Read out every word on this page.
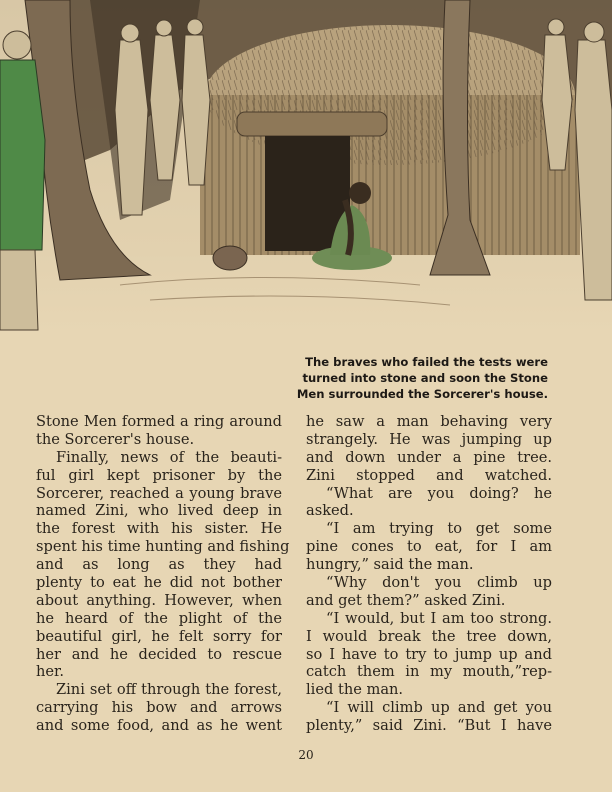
The braves who failed the tests were
turned into stone and soon the Stone
Men surrounded the Sorcerer's house.
Stone Men formed a ring around
the Sorcerer's house.
Finally, news of the beauti-
ful girl kept prisoner by the
Sorcerer, reached a young brave
named Zini, who lived deep in
the forest with his sister. He
spent his time hunting and fishing
and as long as they had
plenty to eat he did not bother
about anything. However, when
he heard of the plight of the
beautiful girl, he felt sorry for
her and he decided to rescue
her.
Zini set off through the forest,
carrying his bow and arrows
and some food, and as he went
he saw a man behaving very
strangely. He was jumping up
and down under a pine tree.
Zini stopped and watched.
“What are you doing? he
asked.
“I am trying to get some
pine cones to eat, for I am
hungry,” said the man.
“Why don't you climb up
and get them?” asked Zini.
“I would, but I am too strong.
I would break the tree down,
so I have to try to jump up and
catch them in my mouth,”rep-
lied the man.
“I will climb up and get you
plenty,” said Zini. “But I have
20
